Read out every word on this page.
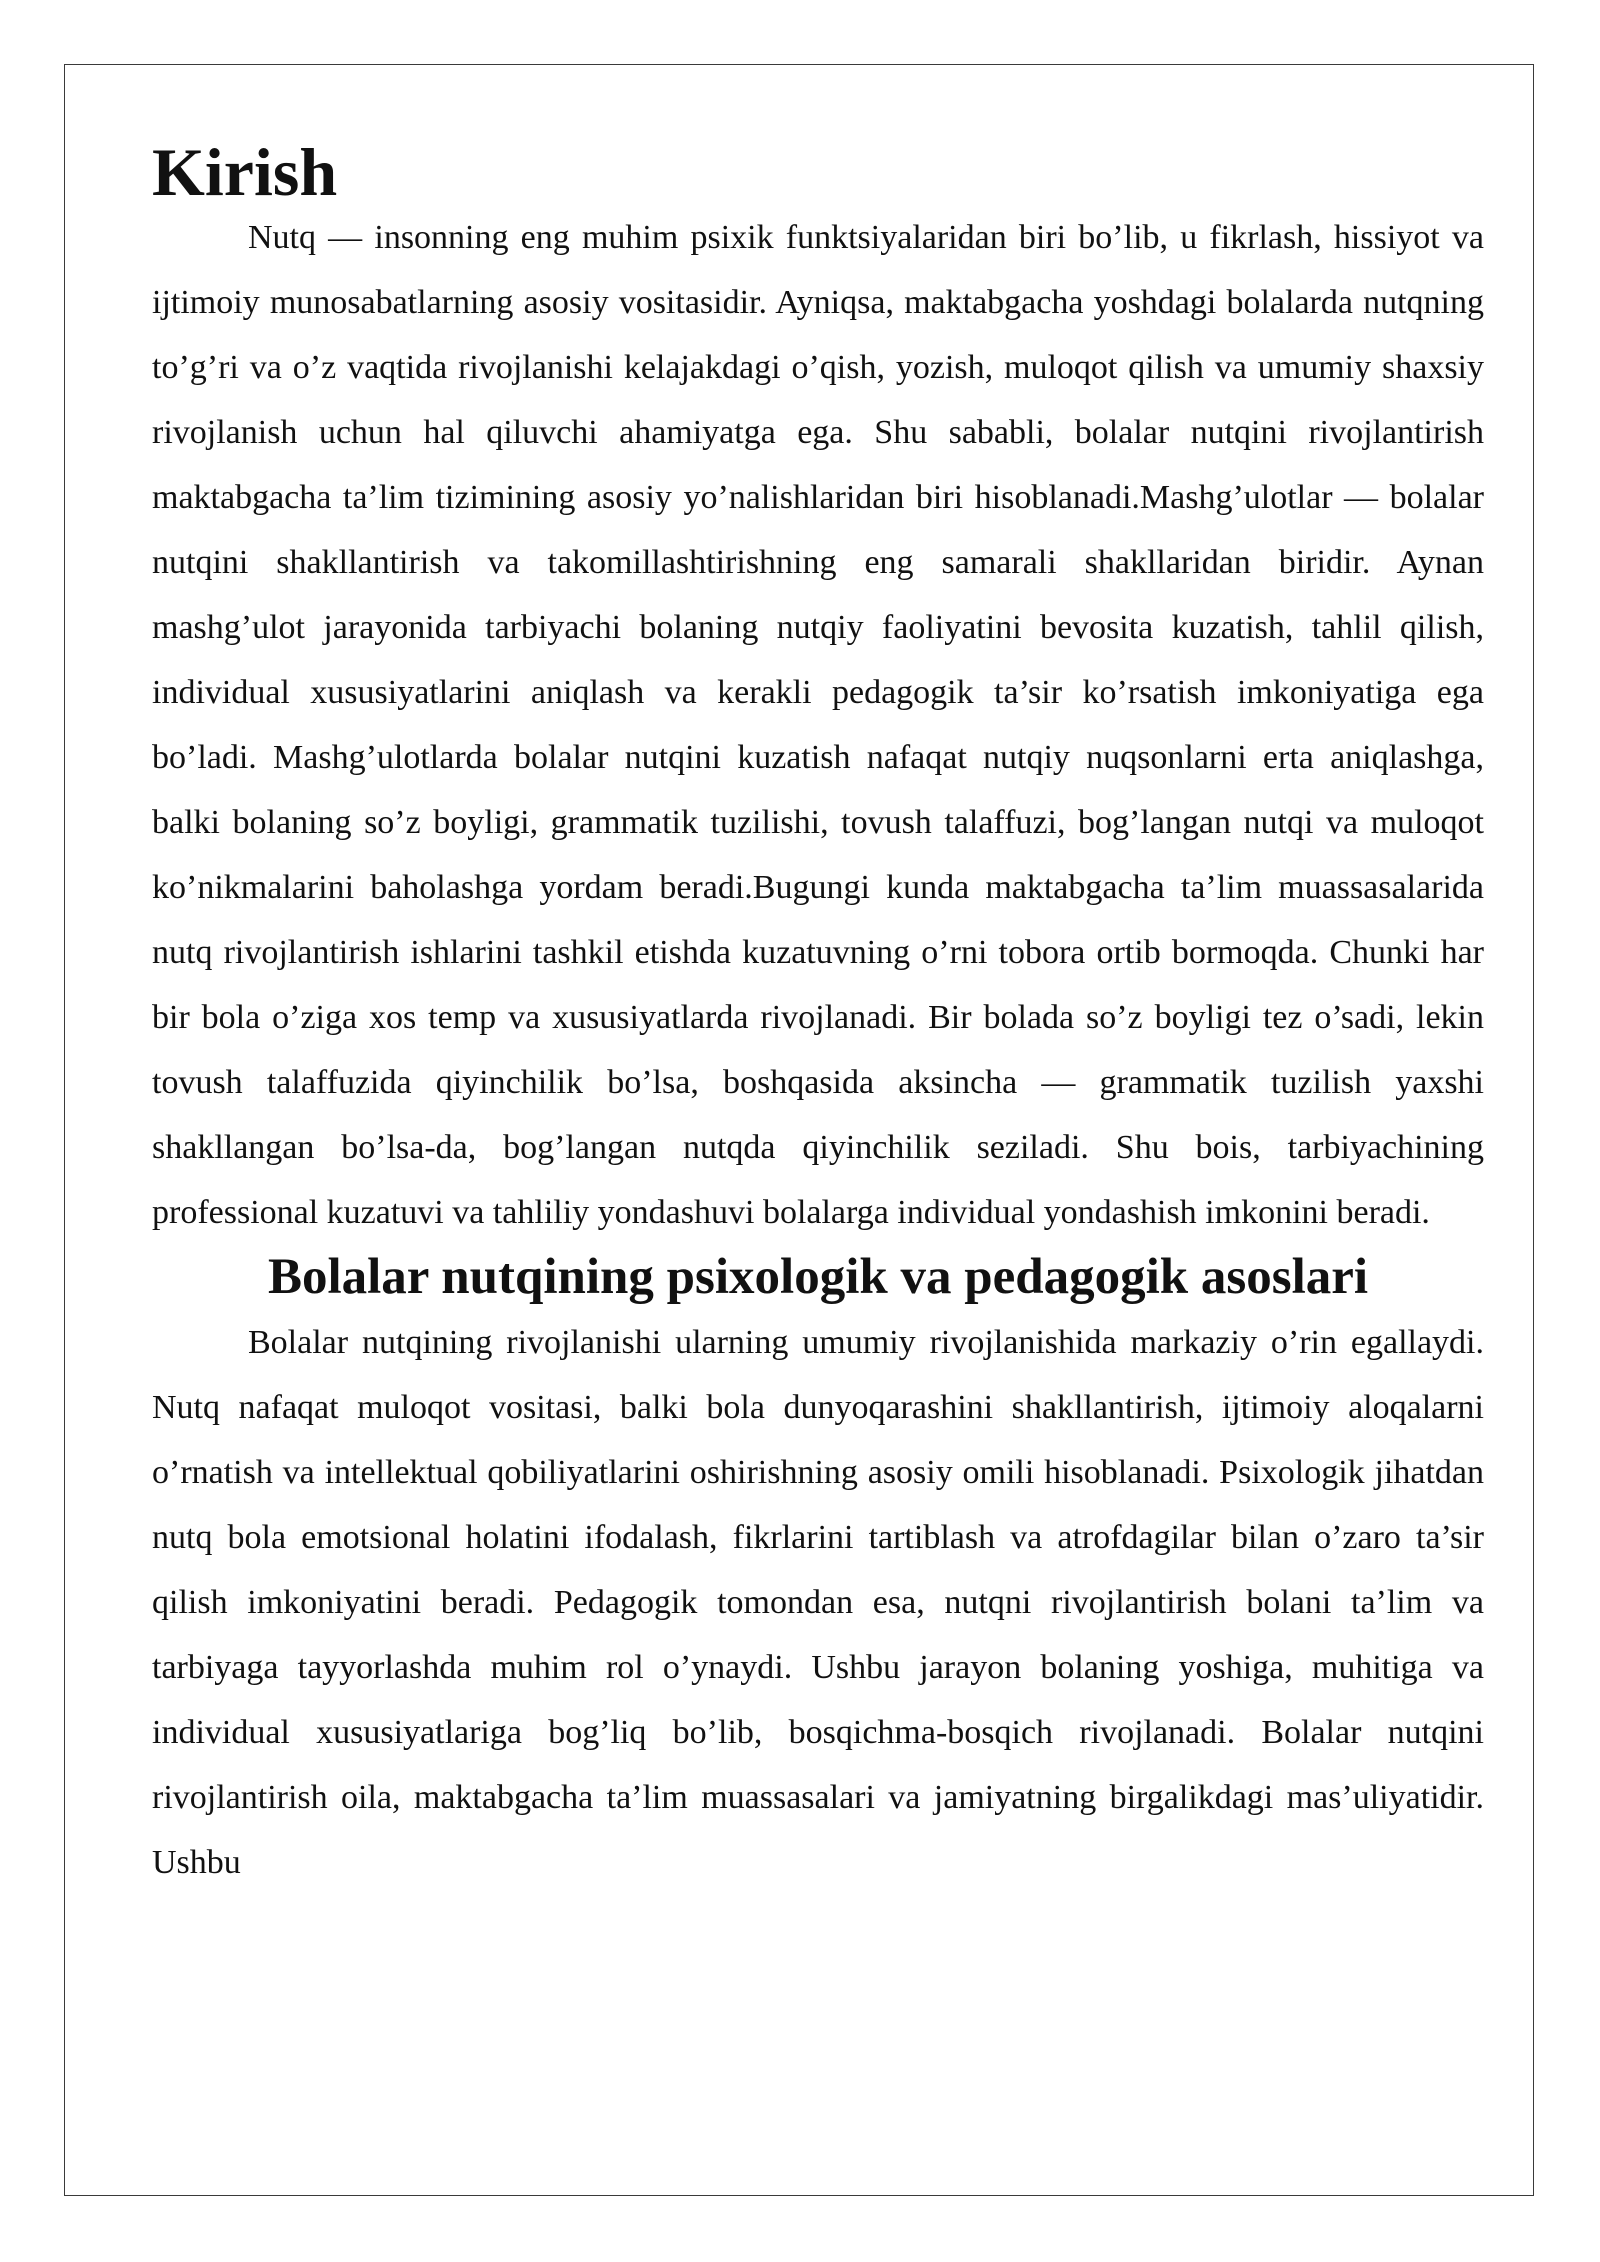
Kirish

Nutq — insonning eng muhim psixik funktsiyalaridan biri bo’lib, u fikrlash, hissiyot va ijtimoiy munosabatlarning asosiy vositasidir. Ayniqsa, maktabgacha yoshdagi bolalarda nutqning to’g’ri va o’z vaqtida rivojlanishi kelajakdagi o’qish, yozish, muloqot qilish va umumiy shaxsiy rivojlanish uchun hal qiluvchi ahamiyatga ega. Shu sababli, bolalar nutqini rivojlantirish maktabgacha ta’lim tizimining asosiy yo’nalishlaridan biri hisoblanadi.Mashg’ulotlar — bolalar nutqini shakllantirish va takomillashtirishning eng samarali shakllaridan biridir. Aynan mashg’ulot jarayonida tarbiyachi bolaning nutqiy faoliyatini bevosita kuzatish, tahlil qilish, individual xususiyatlarini aniqlash va kerakli pedagogik ta’sir ko’rsatish imkoniyatiga ega bo’ladi. Mashg’ulotlarda bolalar nutqini kuzatish nafaqat nutqiy nuqsonlarni erta aniqlashga, balki bolaning so’z boyligi, grammatik tuzilishi, tovush talaffuzi, bog’langan nutqi va muloqot ko’nikmalarini baholashga yordam beradi.Bugungi kunda maktabgacha ta’lim muassasalarida nutq rivojlantirish ishlarini tashkil etishda kuzatuvning o’rni tobora ortib bormoqda. Chunki har bir bola o’ziga xos temp va xususiyatlarda rivojlanadi. Bir bolada so’z boyligi tez o’sadi, lekin tovush talaffuzida qiyinchilik bo’lsa, boshqasida aksincha — grammatik tuzilish yaxshi shakllangan bo’lsa-da, bog’langan nutqda qiyinchilik seziladi. Shu bois, tarbiyachining professional kuzatuvi va tahliliy yondashuvi bolalarga individual yondashish imkonini beradi.

Bolalar nutqining psixologik va pedagogik asoslari

Bolalar nutqining rivojlanishi ularning umumiy rivojlanishida markaziy o’rin egallaydi. Nutq nafaqat muloqot vositasi, balki bola dunyoqarashini shakllantirish, ijtimoiy aloqalarni o’rnatish va intellektual qobiliyatlarini oshirishning asosiy omili hisoblanadi. Psixologik jihatdan nutq bola emotsional holatini ifodalash, fikrlarini tartiblash va atrofdagilar bilan o’zaro ta’sir qilish imkoniyatini beradi. Pedagogik tomondan esa, nutqni rivojlantirish bolani ta’lim va tarbiyaga tayyorlashda muhim rol o’ynaydi. Ushbu jarayon bolaning yoshiga, muhitiga va individual xususiyatlariga bog’liq bo’lib, bosqichma-bosqich rivojlanadi. Bolalar nutqini rivojlantirish oila, maktabgacha ta’lim muassasalari va jamiyatning birgalikdagi mas’uliyatidir. Ushbu
